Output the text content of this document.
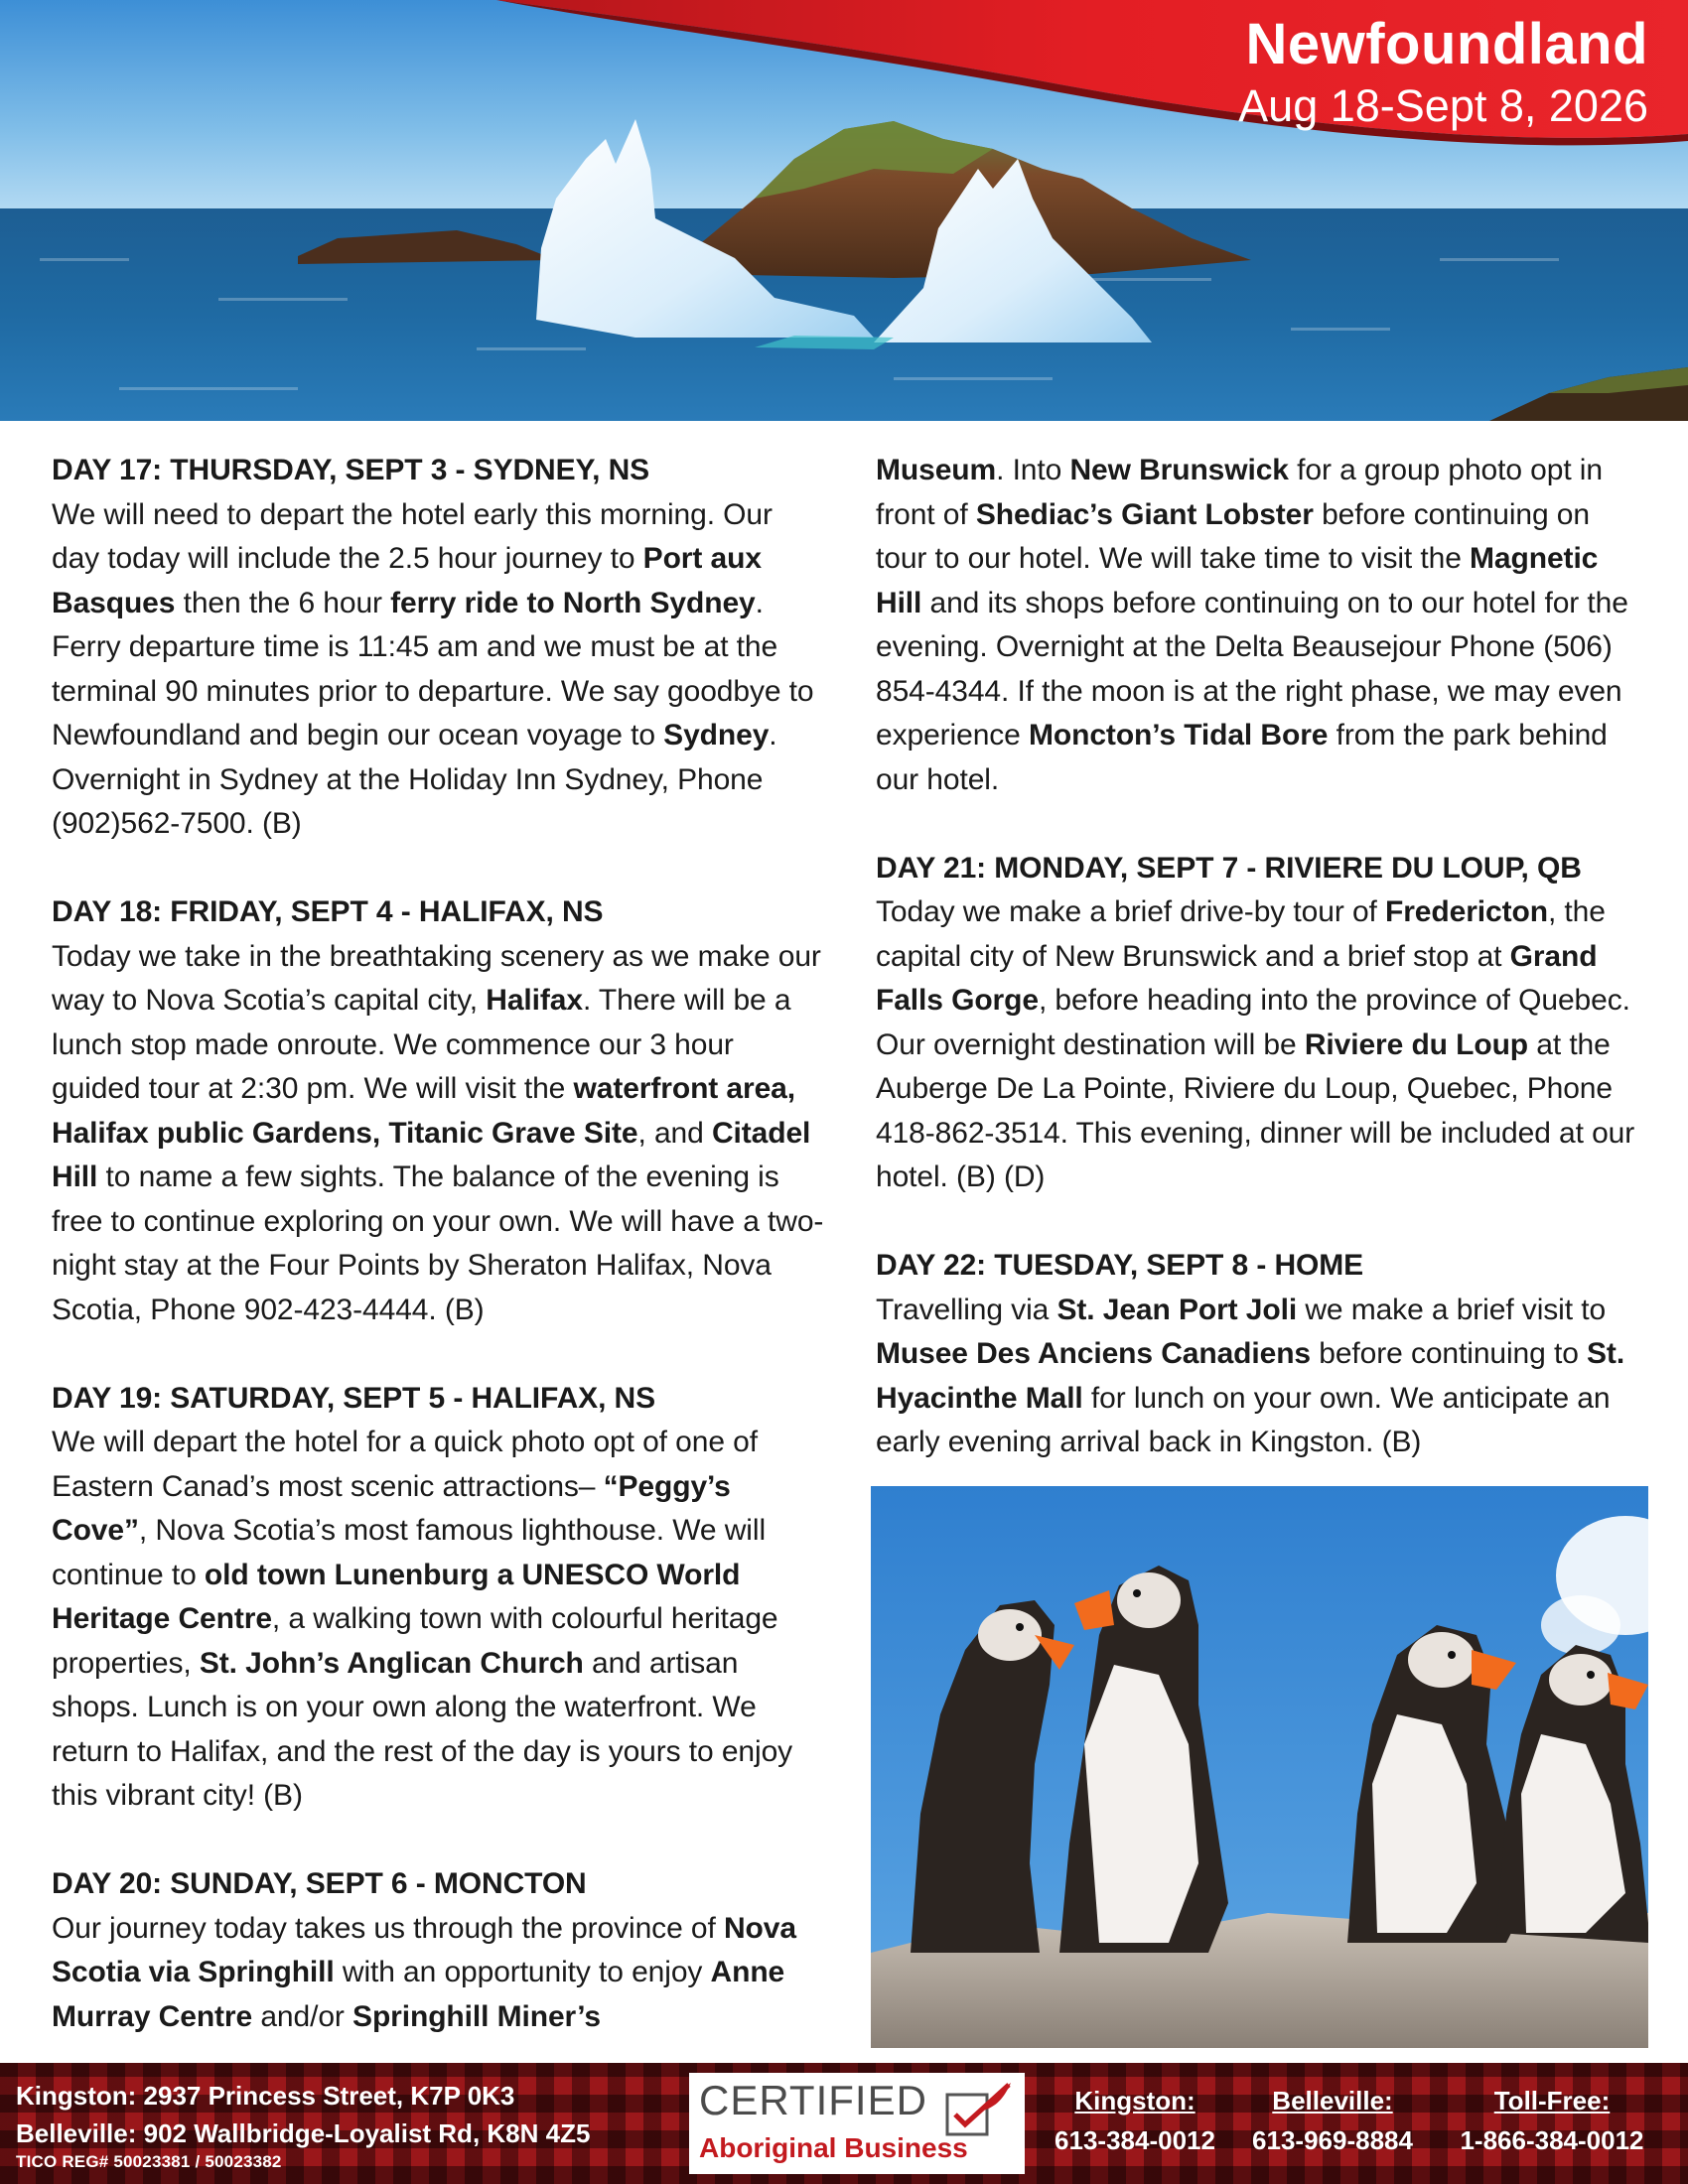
Newfoundland
Aug 18-Sept 8, 2026
DAY 17: THURSDAY, SEPT 3 - SYDNEY, NS

We will need to depart the hotel early this morning. Our day today will include the 2.5 hour journey to Port aux Basques then the 6 hour ferry ride to North Sydney. Ferry departure time is 11:45 am and we must be at the terminal 90 minutes prior to departure. We say goodbye to Newfoundland and begin our ocean voyage to Sydney. Overnight in Sydney at the Holiday Inn Sydney, Phone (902)562-7500. (B)

DAY 18: FRIDAY, SEPT 4 - HALIFAX, NS

Today we take in the breathtaking scenery as we make our way to Nova Scotia’s capital city, Halifax. There will be a lunch stop made onroute. We commence our 3 hour guided tour at 2:30 pm. We will visit the waterfront area, Halifax public Gardens, Titanic Grave Site, and Citadel Hill to name a few sights. The balance of the evening is free to continue exploring on your own. We will have a two-night stay at the Four Points by Sheraton Halifax, Nova Scotia, Phone 902-423-4444. (B)

DAY 19: SATURDAY, SEPT 5 - HALIFAX, NS

We will depart the hotel for a quick photo opt of one of Eastern Canad’s most scenic attractions– “Peggy’s Cove”, Nova Scotia’s most famous lighthouse. We will continue to old town Lunenburg a UNESCO World Heritage Centre, a walking town with colourful heritage properties, St. John’s Anglican Church and artisan shops. Lunch is on your own along the waterfront. We return to Halifax, and the rest of the day is yours to enjoy this vibrant city! (B)

DAY 20: SUNDAY, SEPT 6 - MONCTON

Our journey today takes us through the province of Nova Scotia via Springhill with an opportunity to enjoy Anne Murray Centre and/or Springhill Miner’s

Museum. Into New Brunswick for a group photo opt in front of Shediac’s Giant Lobster before continuing on tour to our hotel. We will take time to visit the Magnetic Hill and its shops before continuing on to our hotel for the evening. Overnight at the Delta Beausejour Phone (506) 854-4344. If the moon is at the right phase, we may even experience Moncton’s Tidal Bore from the park behind our hotel.

DAY 21: MONDAY, SEPT 7 - RIVIERE DU LOUP, QB

Today we make a brief drive-by tour of Fredericton, the capital city of New Brunswick and a brief stop at Grand Falls Gorge, before heading into the province of Quebec. Our overnight destination will be Riviere du Loup at the Auberge De La Pointe, Riviere du Loup, Quebec, Phone 418-862-3514. This evening, dinner will be included at our hotel. (B) (D)

DAY 22: TUESDAY, SEPT 8 - HOME

Travelling via St. Jean Port Joli we make a brief visit to Musee Des Anciens Canadiens before continuing to St. Hyacinthe Mall for lunch on your own. We anticipate an early evening arrival back in Kingston. (B)

Kingston: 2937 Princess Street, K7P 0K3
Belleville: 902 Wallbridge-Loyalist Rd, K8N 4Z5
TICO REG# 50023381 / 50023382
CERTIFIED
Aboriginal Business
Kingston:
613-384-0012
Belleville:
613-969-8884
Toll-Free:
1-866-384-0012
